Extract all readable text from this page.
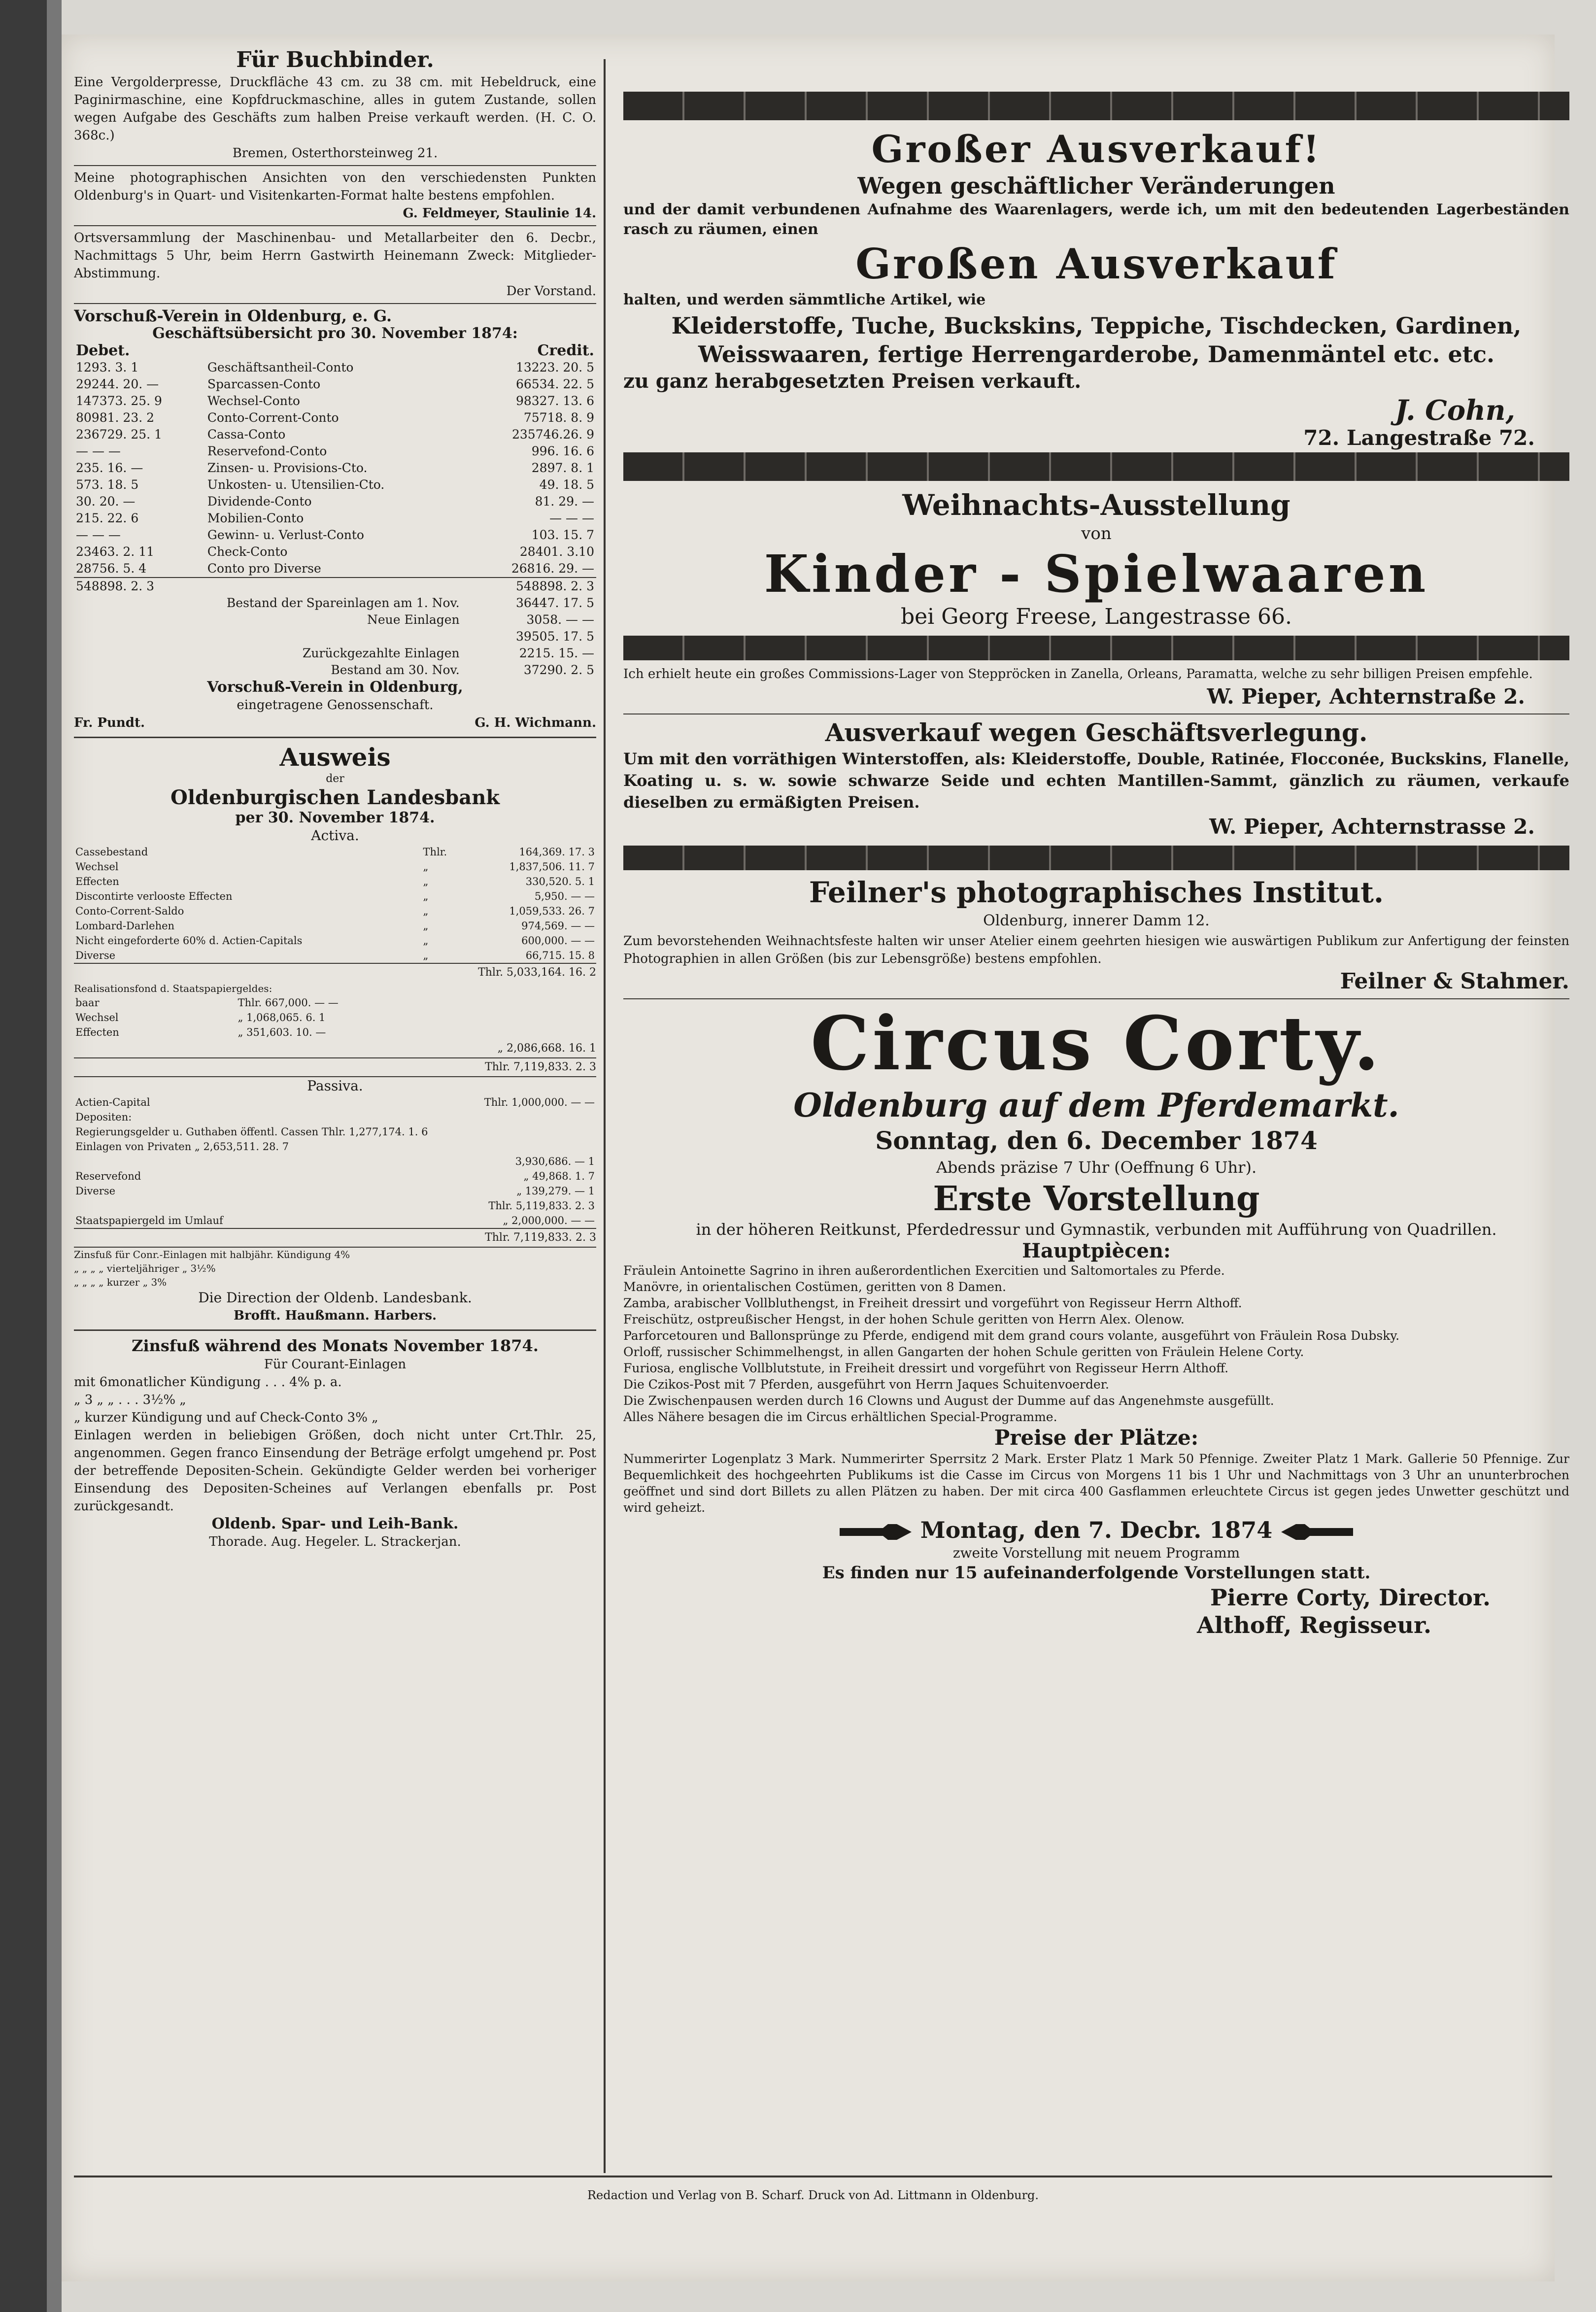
Für Buchbinder.
Eine Vergolderpresse, Druckfläche 43 cm. zu 38 cm. mit Hebeldruck, eine Paginirmaschine, eine Kopfdruckmaschine, alles in gutem Zustande, sollen wegen Aufgabe des Geschäfts zum halben Preise verkauft werden. (H. C. O. 368c.)
Bremen, Osterthorsteinweg 21.
Meine photographischen Ansichten von den verschiedensten Punkten Oldenburg's in Quart- und Visitenkarten-Format halte bestens empfohlen.
G. Feldmeyer, Staulinie 14.
Ortsversammlung der Maschinenbau- und Metallarbeiter den 6. Decbr., Nachmittags 5 Uhr, beim Herrn Gastwirth Heinemann Zweck: Mitglieder-Abstimmung.
Der Vorstand.
Vorschuß-Verein in Oldenburg, e. G.
Geschäftsübersicht pro 30. November 1874:
Debet.		Credit.
1293. 3. 1	Geschäftsantheil-Conto	13223. 20. 5
29244. 20. —	Sparcassen-Conto	66534. 22. 5
147373. 25. 9	Wechsel-Conto	98327. 13. 6
80981. 23. 2	Conto-Corrent-Conto	75718. 8. 9
236729. 25. 1	Cassa-Conto	235746.26. 9
— — —	Reservefond-Conto	996. 16. 6
235. 16. —	Zinsen- u. Provisions-Cto.	2897. 8. 1
573. 18. 5	Unkosten- u. Utensilien-Cto.	49. 18. 5
30. 20. —	Dividende-Conto	81. 29. —
215. 22. 6	Mobilien-Conto	— — —
— — —	Gewinn- u. Verlust-Conto	103. 15. 7
23463. 2. 11	Check-Conto	28401. 3.10
28756. 5. 4	Conto pro Diverse	26816. 29. —
548898. 2. 3		548898. 2. 3
Bestand der Spareinlagen am 1. Nov.	36447. 17. 5
Neue Einlagen	3058. — —
	39505. 17. 5
Zurückgezahlte Einlagen	2215. 15. —
Bestand am 30. Nov.	37290. 2. 5
Vorschuß-Verein in Oldenburg,
eingetragene Genossenschaft.
Fr. Pundt.	G. H. Wichmann.
Ausweis
der
Oldenburgischen Landesbank
per 30. November 1874.
Activa.
Cassebestand	Thlr.	164,369. 17. 3
Wechsel	„	1,837,506. 11. 7
Effecten	„	330,520. 5. 1
Discontirte verlooste Effecten	„	5,950. — —
Conto-Corrent-Saldo	„	1,059,533. 26. 7
Lombard-Darlehen	„	974,569. — —
Nicht eingeforderte 60% d. Actien-Capitals	„	600,000. — —
Diverse	„	66,715. 15. 8
Thlr. 5,033,164. 16. 2
Realisationsfond d. Staatspapiergeldes:
baar	Thlr. 667,000. — —
Wechsel	„ 1,068,065. 6. 1
Effecten	„ 351,603. 10. —
„ 2,086,668. 16. 1
Thlr. 7,119,833. 2. 3
Passiva.
Actien-Capital	Thlr. 1,000,000. — —
Depositen:	
Regierungsgelder u. Guthaben öffentl. Cassen Thlr. 1,277,174. 1. 6	
Einlagen von Privaten „ 2,653,511. 28. 7	
	3,930,686. — 1
Reservefond	„ 49,868. 1. 7
Diverse	„ 139,279. — 1
	Thlr. 5,119,833. 2. 3
Staatspapiergeld im Umlauf	„ 2,000,000. — —
Thlr. 7,119,833. 2. 3
Zinsfuß für Conr.-Einlagen mit halbjähr. Kündigung 4%
„ „ „ „ vierteljähriger „ 3½%
„ „ „ „ kurzer „ 3%
Die Direction der Oldenb. Landesbank.
Brofft. Haußmann. Harbers.
Zinsfuß während des Monats November 1874.
Für Courant-Einlagen
mit 6monatlicher Kündigung . . . 4% p. a.
„ 3 „ „ . . . 3½% „
„ kurzer Kündigung und auf Check-Conto 3% „
Einlagen werden in beliebigen Größen, doch nicht unter Crt.Thlr. 25, angenommen. Gegen franco Einsendung der Beträge erfolgt umgehend pr. Post der betreffende Depositen-Schein. Gekündigte Gelder werden bei vorheriger Einsendung des Depositen-Scheines auf Verlangen ebenfalls pr. Post zurückgesandt.
Oldenb. Spar- und Leih-Bank.
Thorade. Aug. Hegeler. L. Strackerjan.
Großer Ausverkauf!
Wegen geschäftlicher Veränderungen
und der damit verbundenen Aufnahme des Waarenlagers, werde ich, um mit den bedeutenden Lagerbeständen rasch zu räumen, einen
Großen Ausverkauf
halten, und werden sämmtliche Artikel, wie
Kleiderstoffe, Tuche, Buckskins, Teppiche, Tischdecken, Gardinen, Weisswaaren, fertige Herrengarderobe, Damenmäntel etc. etc.
zu ganz herabgesetzten Preisen verkauft.
J. Cohn,
72. Langestraße 72.
Weihnachts-Ausstellung
von
Kinder - Spielwaaren
bei Georg Freese, Langestrasse 66.
Ich erhielt heute ein großes Commissions-Lager von Steppröcken in Zanella, Orleans, Paramatta, welche zu sehr billigen Preisen empfehle.
W. Pieper, Achternstraße 2.
Ausverkauf wegen Geschäftsverlegung.
Um mit den vorräthigen Winterstoffen, als: Kleiderstoffe, Double, Ratinée, Flocconée, Buckskins, Flanelle, Koating u. s. w. sowie schwarze Seide und echten Mantillen-Sammt, gänzlich zu räumen, verkaufe dieselben zu ermäßigten Preisen.
W. Pieper, Achternstrasse 2.
Feilner's photographisches Institut.
Oldenburg, innerer Damm 12.
Zum bevorstehenden Weihnachtsfeste halten wir unser Atelier einem geehrten hiesigen wie auswärtigen Publikum zur Anfertigung der feinsten Photographien in allen Größen (bis zur Lebensgröße) bestens empfohlen.
Feilner & Stahmer.
Circus Corty.
Oldenburg auf dem Pferdemarkt.
Sonntag, den 6. December 1874
Abends präzise 7 Uhr (Oeffnung 6 Uhr).
Erste Vorstellung
in der höheren Reitkunst, Pferdedressur und Gymnastik, verbunden mit Aufführung von Quadrillen.
Hauptpiècen:
Fräulein Antoinette Sagrino in ihren außerordentlichen Exercitien und Saltomortales zu Pferde.
Manövre, in orientalischen Costümen, geritten von 8 Damen.
Zamba, arabischer Vollbluthengst, in Freiheit dressirt und vorgeführt von Regisseur Herrn Althoff.
Freischütz, ostpreußischer Hengst, in der hohen Schule geritten von Herrn Alex. Olenow.
Parforcetouren und Ballonsprünge zu Pferde, endigend mit dem grand cours volante, ausgeführt von Fräulein Rosa Dubsky.
Orloff, russischer Schimmelhengst, in allen Gangarten der hohen Schule geritten von Fräulein Helene Corty.
Furiosa, englische Vollblutstute, in Freiheit dressirt und vorgeführt von Regisseur Herrn Althoff.
Die Czikos-Post mit 7 Pferden, ausgeführt von Herrn Jaques Schuitenvoerder.
Die Zwischenpausen werden durch 16 Clowns und August der Dumme auf das Angenehmste ausgefüllt.
Alles Nähere besagen die im Circus erhältlichen Special-Programme.
Preise der Plätze:
Nummerirter Logenplatz 3 Mark. Nummerirter Sperrsitz 2 Mark. Erster Platz 1 Mark 50 Pfennige. Zweiter Platz 1 Mark. Gallerie 50 Pfennige. Zur Bequemlichkeit des hochgeehrten Publikums ist die Casse im Circus von Morgens 11 bis 1 Uhr und Nachmittags von 3 Uhr an ununterbrochen geöffnet und sind dort Billets zu allen Plätzen zu haben. Der mit circa 400 Gasflammen erleuchtete Circus ist gegen jedes Unwetter geschützt und wird geheizt.
Montag, den 7. Decbr. 1874
zweite Vorstellung mit neuem Programm
Es finden nur 15 aufeinanderfolgende Vorstellungen statt.
Pierre Corty, Director.
Althoff, Regisseur.
Redaction und Verlag von B. Scharf. Druck von Ad. Littmann in Oldenburg.
